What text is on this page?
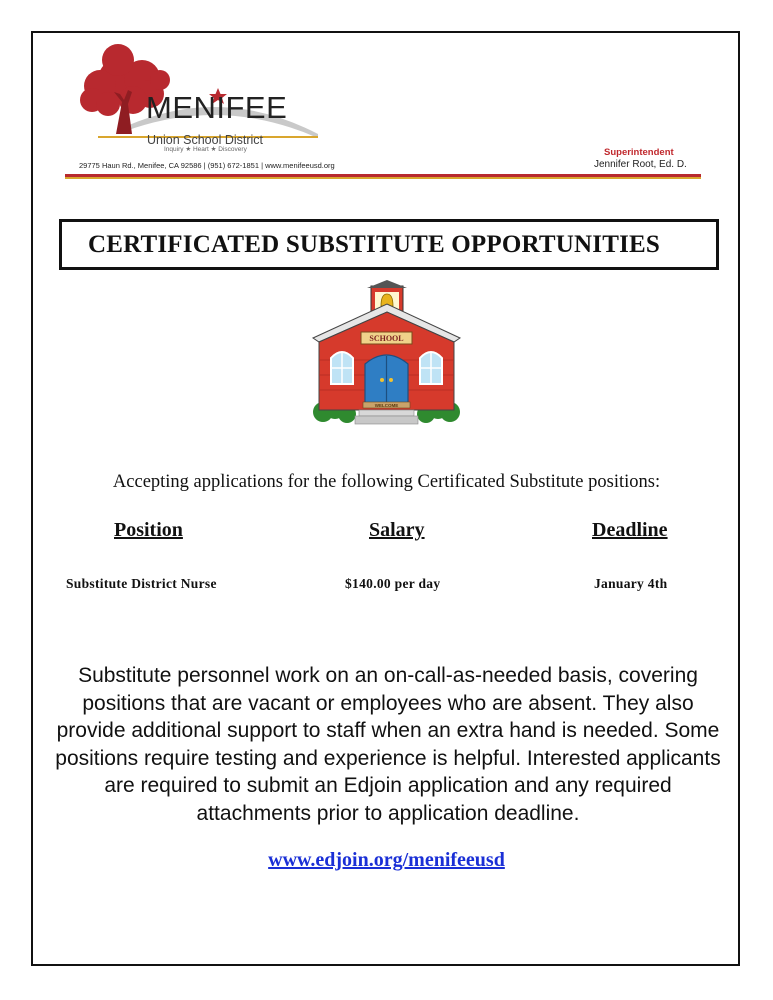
MENIFEE
Union School District
Inquiry ★ Heart ★ Discovery
29775 Haun Rd., Menifee, CA 92586 | (951) 672-1851 | www.menifeeusd.org
Superintendent
Jennifer Root, Ed. D.
CERTIFICATED SUBSTITUTE OPPORTUNITIES
SCHOOL
WELCOME
Accepting applications for the following Certificated Substitute positions:
Position	Salary	Deadline
Substitute District Nurse	$140.00 per day	January 4th
Substitute personnel work on an on-call-as-needed basis, covering positions that are vacant or employees who are absent. They also provide additional support to staff when an extra hand is needed. Some positions require testing and experience is helpful. Interested applicants are required to submit an Edjoin application and any required attachments prior to application deadline.
www.edjoin.org/menifeeusd
